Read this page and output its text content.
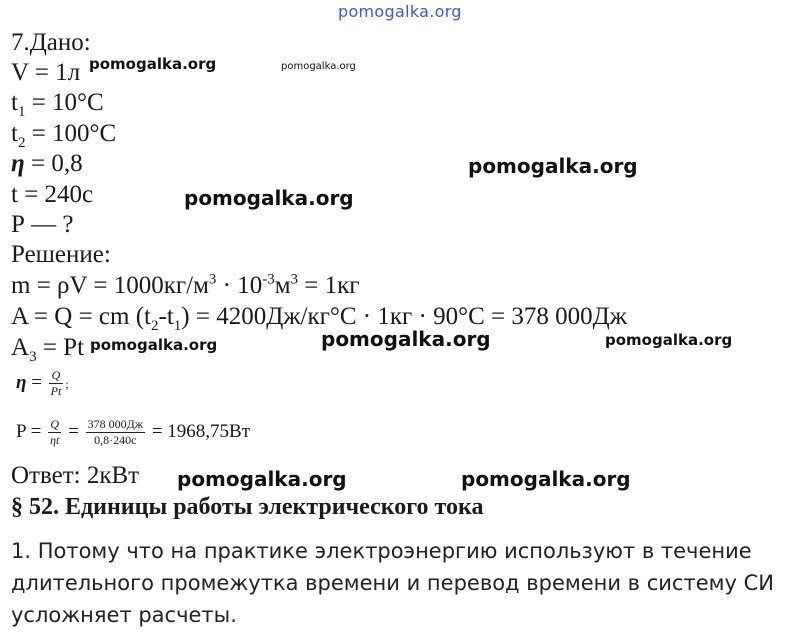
pomogalka.org
7.Дано:
V = 1л
$t_1 = 10^\circ С$
$t_2 = 100^\circ С$
η = 0,8
t = 240с
Р — ?
Решение:
$m = \rho V = 1000кг/м^3 \cdot 10^{-3}м^3 = 1кг$
A = Q = cm $(t_2-t_1) = 4200Дж/кг^\circ С \cdot 1кг \cdot 90^\circ С = 378$ 000Дж
$A_3 = Pt$
$\eta = \frac{Q}{Pt}$ ;
$P = \frac{Q}{\eta t} = \frac{378 000Дж}{0,8\cdot 240с} = 1968,75Вт$
Ответ: 2кВт
§ 52. Единицы работы электрического тока
1. Потому что на практике электроэнергию используют в течение
длительного промежутка времени и перевод времени в систему СИ
усложняет расчеты.
pomogalka.org	pomogalka.org
pomogalka.org
pomogalka.org
pomogalka.org	pomogalka.org	pomogalka.org
pomogalka.org	pomogalka.org
